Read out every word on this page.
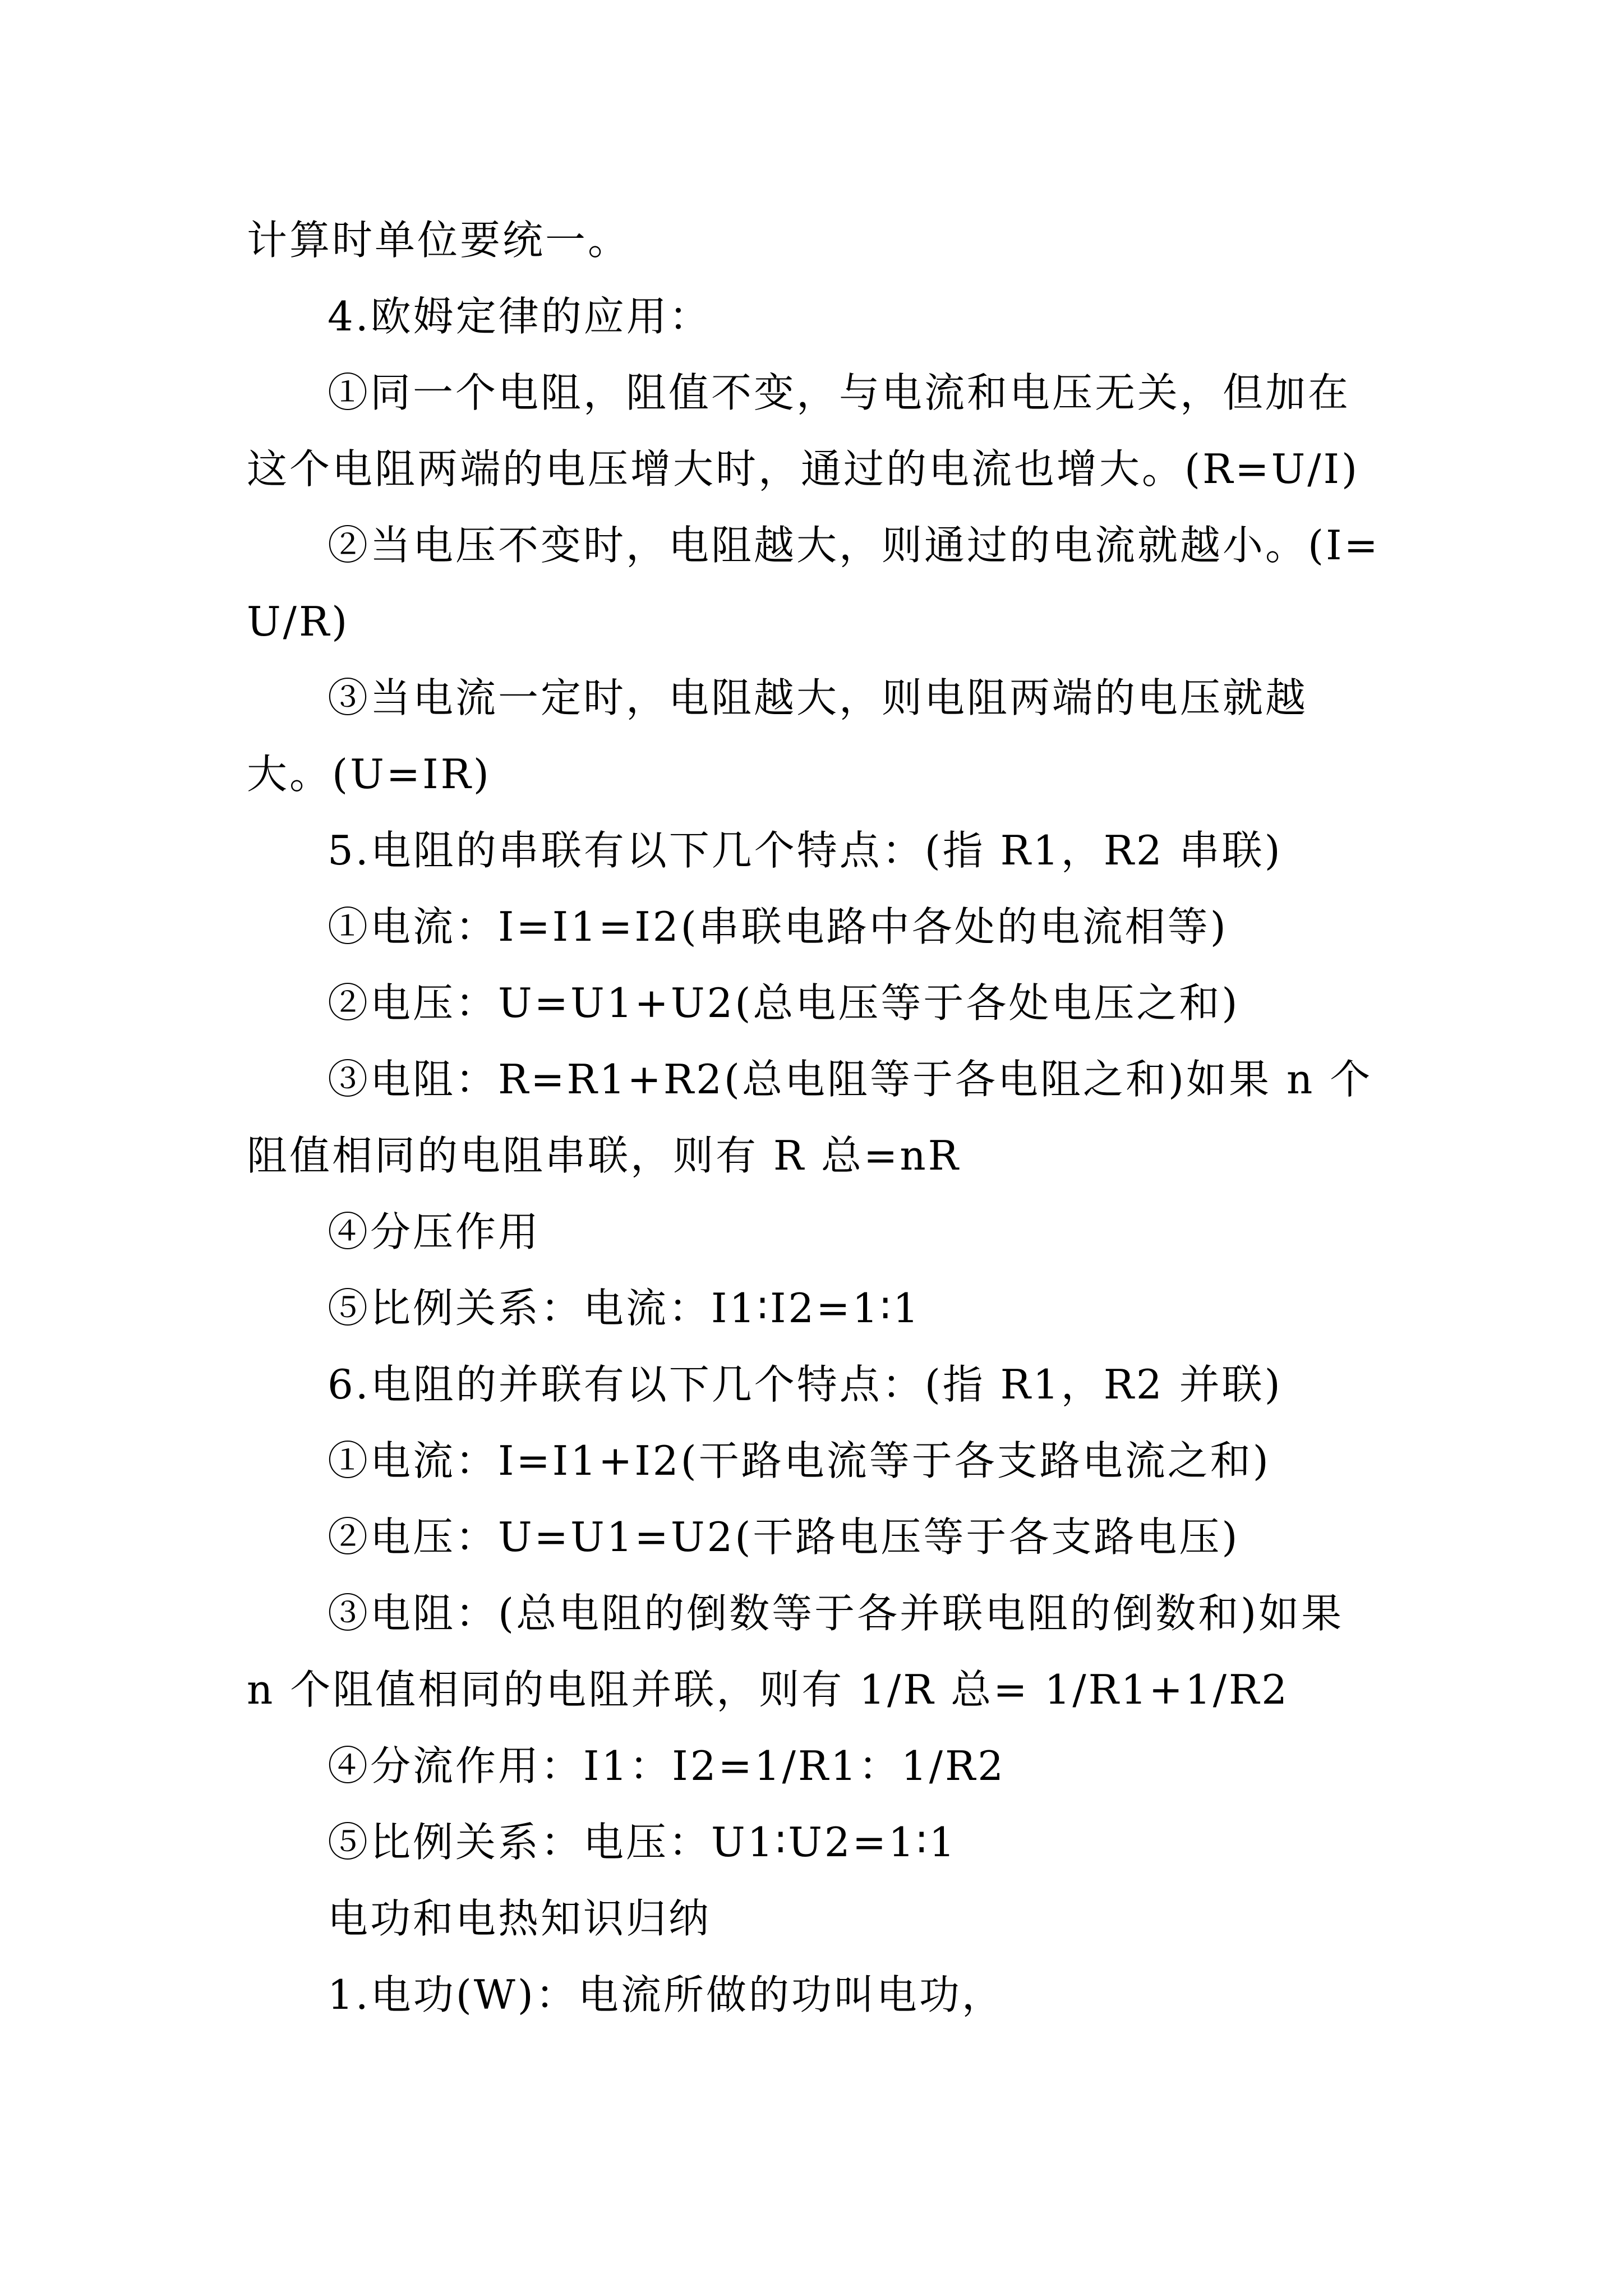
计算时单位要统一。

4.欧姆定律的应用：

①同一个电阻，阻值不变，与电流和电压无关，但加在这个电阻两端的电压增大时，通过的电流也增大。(R=U/I)

②当电压不变时，电阻越大，则通过的电流就越小。(I=U/R)

③当电流一定时，电阻越大，则电阻两端的电压就越大。(U=IR)

5.电阻的串联有以下几个特点：(指 R1，R2 串联)

①电流：I=I1=I2(串联电路中各处的电流相等)

②电压：U=U1+U2(总电压等于各处电压之和)

③电阻：R=R1+R2(总电阻等于各电阻之和)如果 n 个阻值相同的电阻串联，则有 R 总=nR

④分压作用

⑤比例关系：电流：I1∶I2=1∶1

6.电阻的并联有以下几个特点：(指 R1，R2 并联)

①电流：I=I1+I2(干路电流等于各支路电流之和)

②电压：U=U1=U2(干路电压等于各支路电压)

③电阻：(总电阻的倒数等于各并联电阻的倒数和)如果 n 个阻值相同的电阻并联，则有 1/R 总= 1/R1+1/R2

④分流作用：I1：I2=1/R1：1/R2

⑤比例关系：电压：U1∶U2=1∶1

电功和电热知识归纳

1.电功(W)：电流所做的功叫电功，
